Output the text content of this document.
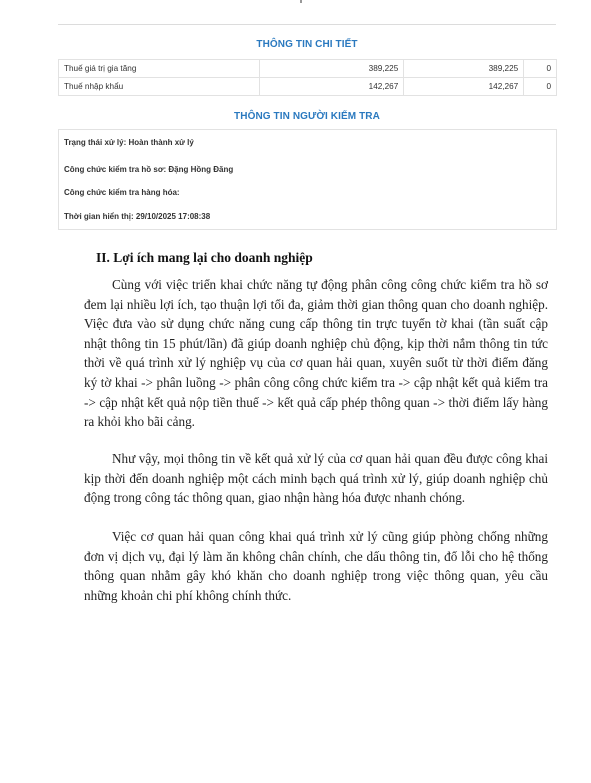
THÔNG TIN CHI TIẾT
Thuế giá trị gia tăng	389,225	389,225	0
Thuế nhập khẩu	142,267	142,267	0
THÔNG TIN NGƯỜI KIỂM TRA
Trạng thái xử lý: Hoàn thành xử lý
Công chức kiểm tra hồ sơ: Đặng Hồng Đăng
Công chức kiểm tra hàng hóa:
Thời gian hiển thị: 29/10/2025 17:08:38
II. Lợi ích mang lại cho doanh nghiệp

Cùng với việc triển khai chức năng tự động phân công công chức kiểm tra hồ sơ đem lại nhiều lợi ích, tạo thuận lợi tối đa, giảm thời gian thông quan cho doanh nghiệp. Việc đưa vào sử dụng chức năng cung cấp thông tin trực tuyến tờ khai (tần suất cập nhật thông tin 15 phút/lần) đã giúp doanh nghiệp chủ động, kịp thời nắm thông tin tức thời về quá trình xử lý nghiệp vụ của cơ quan hải quan, xuyên suốt từ thời điểm đăng ký tờ khai -> phân luồng -> phân công công chức kiểm tra -> cập nhật kết quả kiểm tra -> cập nhật kết quả nộp tiền thuế -> kết quả cấp phép thông quan -> thời điểm lấy hàng ra khỏi kho bãi cảng.

Như vậy, mọi thông tin về kết quả xử lý của cơ quan hải quan đều được công khai kịp thời đến doanh nghiệp một cách minh bạch quá trình xử lý, giúp doanh nghiệp chủ động trong công tác thông quan, giao nhận hàng hóa được nhanh chóng.

Việc cơ quan hải quan công khai quá trình xử lý cũng giúp phòng chống những đơn vị dịch vụ, đại lý làm ăn không chân chính, che dấu thông tin, đổ lỗi cho hệ thống thông quan nhằm gây khó khăn cho doanh nghiệp trong việc thông quan, yêu cầu những khoản chi phí không chính thức.
